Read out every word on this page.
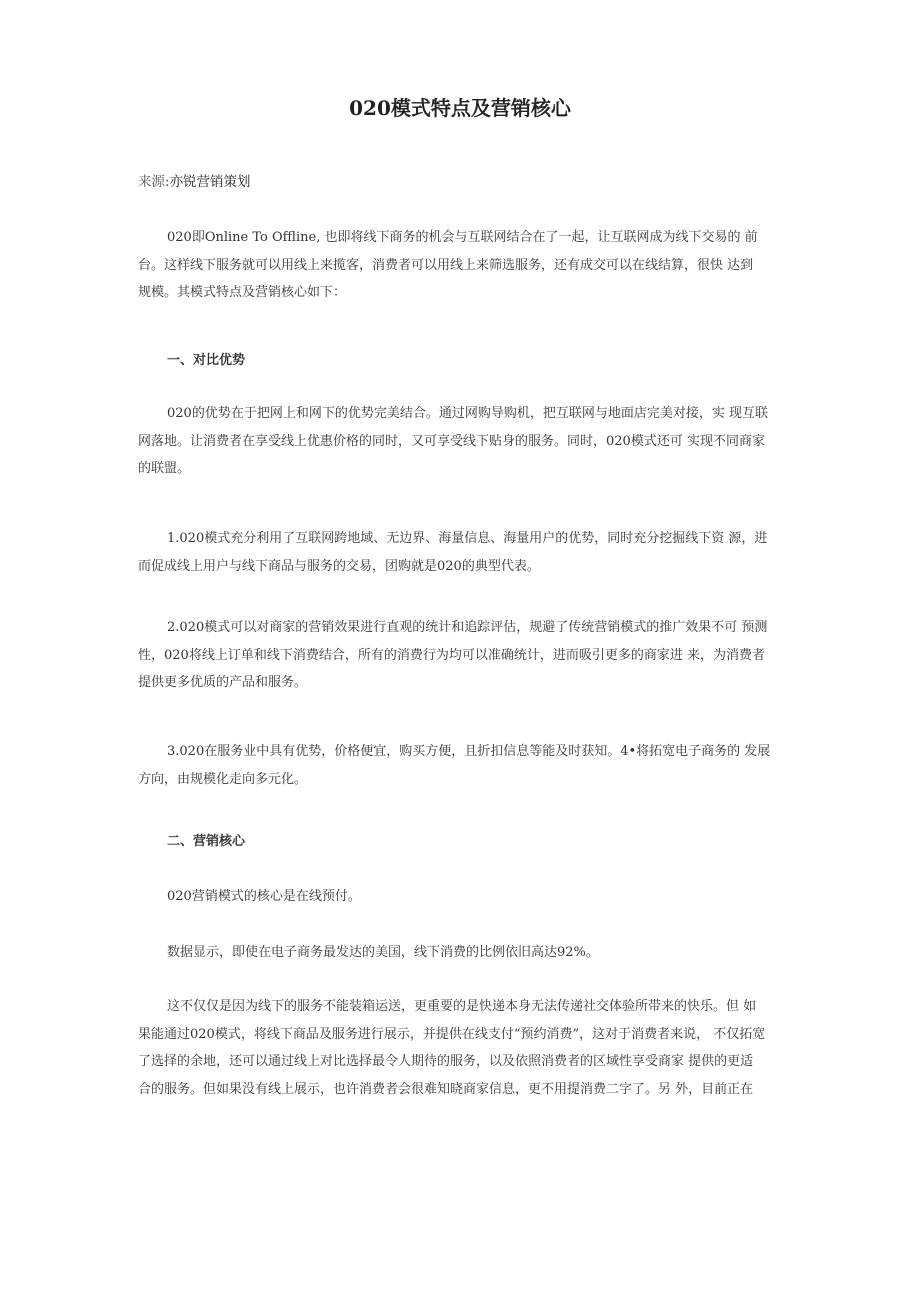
020模式特点及营销核心
来源:亦锐营销策划

020即Online To Offline, 也即将线下商务的机会与互联网结合在了一起，让互联网成为线下交易的 前
台。这样线下服务就可以用线上来揽客，消费者可以用线上来筛选服务，还有成交可以在线结算，很快 达到
规模。其模式特点及营销核心如下：

一、对比优势

020的优势在于把网上和网下的优势完美结合。通过网购导购机，把互联网与地面店完美对接，实 现互联
网落地。让消费者在享受线上优惠价格的同时，又可享受线下贴身的服务。同时，020模式还可 实现不同商家
的联盟。

1.020模式充分利用了互联网跨地域、无边界、海量信息、海量用户的优势，同时充分挖掘线下资 源，进
而促成线上用户与线下商品与服务的交易，团购就是020的典型代表。

2.020模式可以对商家的营销效果进行直观的统计和追踪评估，规避了传统营销模式的推广效果不可 预测
性，020将线上订单和线下消费结合，所有的消费行为均可以准确统计，进而吸引更多的商家进 来，为消费者
提供更多优质的产品和服务。

3.020在服务业中具有优势，价格便宜，购买方便，且折扣信息等能及时获知。4•将拓宽电子商务的 发展
方向，由规模化走向多元化。

二、营销核心

020营销模式的核心是在线预付。

数据显示，即使在电子商务最发达的美国，线下消费的比例依旧高达92%。

这不仅仅是因为线下的服务不能装箱运送，更重要的是快递本身无法传递社交体验所带来的快乐。但 如
果能通过020模式，将线下商品及服务进行展示，并提供在线支付“预约消费”，这对于消费者来说， 不仅拓宽
了选择的余地，还可以通过线上对比选择最令人期待的服务，以及依照消费者的区域性享受商家 提供的更适
合的服务。但如果没有线上展示，也许消费者会很难知晓商家信息，更不用提消费二字了。另 外，目前正在
